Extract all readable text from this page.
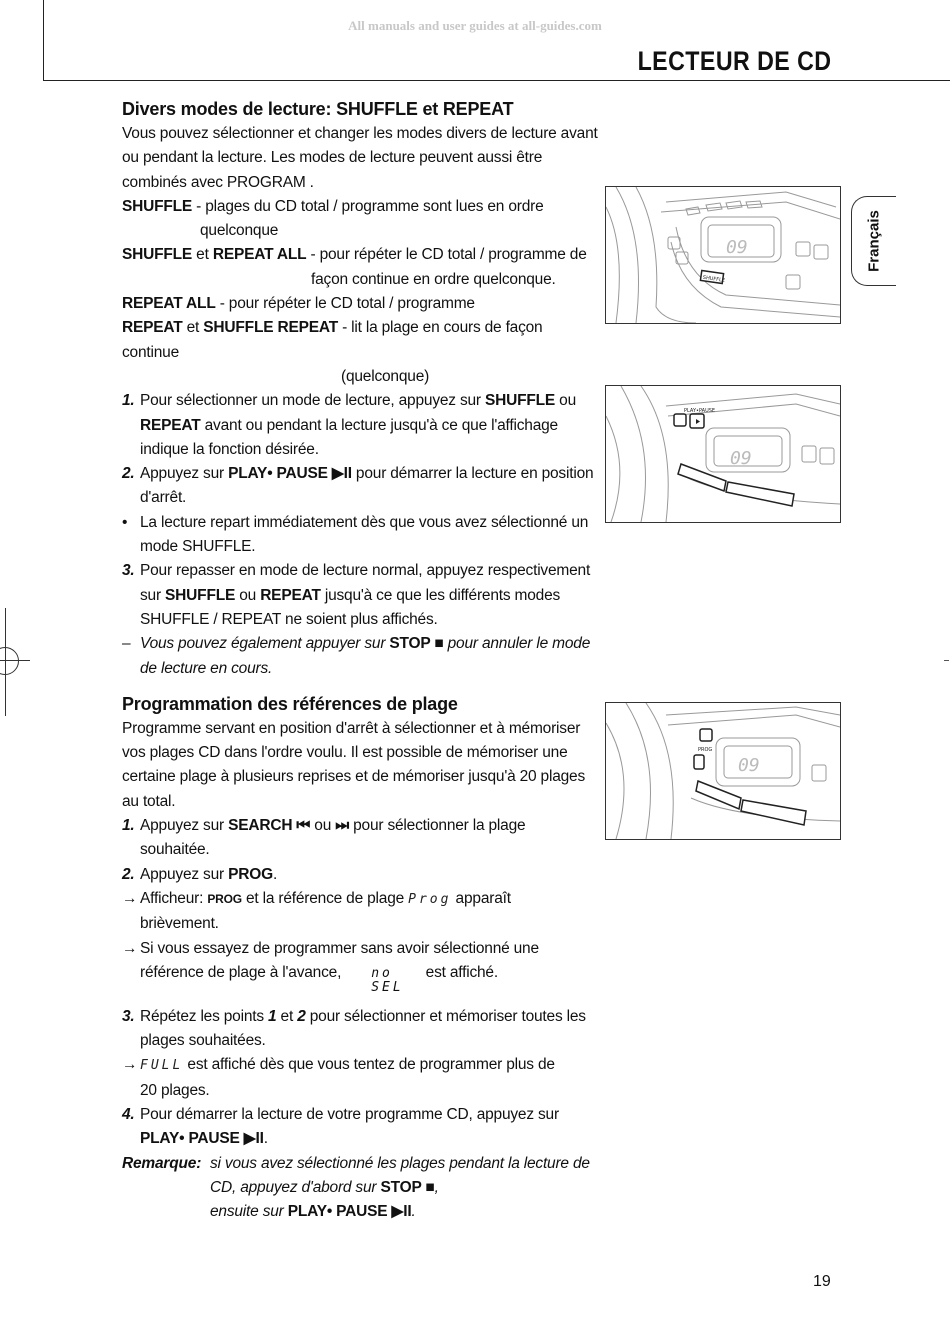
All manuals and user guides at all-guides.com
LECTEUR DE CD
Français
Divers modes de lecture: SHUFFLE et REPEAT

Vous pouvez sélectionner et changer les modes divers de lecture avant

ou pendant la lecture. Les modes de lecture peuvent aussi être

combinés avec PROGRAM .

SHUFFLE - plages du CD total / programme sont lues en ordre

quelconque

SHUFFLE et REPEAT ALL - pour répéter le CD total / programme de

façon continue en ordre quelconque.

REPEAT ALL - pour répéter le CD total / programme

REPEAT et SHUFFLE REPEAT - lit la plage en cours de façon continue

(quelconque)

1. Pour sélectionner un mode de lecture, appuyez sur SHUFFLE ou

REPEAT avant ou pendant la lecture jusqu'à ce que l'affichage

indique la fonction désirée.

2. Appuyez sur PLAY• PAUSE ▶II pour démarrer la lecture en position

d'arrêt.

• La lecture repart immédiatement dès que vous avez sélectionné un

mode SHUFFLE.

3. Pour repasser en mode de lecture normal, appuyez respectivement

sur SHUFFLE ou REPEAT jusqu'à ce que les différents modes

SHUFFLE / REPEAT ne soient plus affichés.

– Vous pouvez également appuyer sur STOP ■ pour annuler le mode

de lecture en cours.

Programmation des références de plage

Programme servant en position d'arrêt à sélectionner et à mémoriser

vos plages CD dans l'ordre voulu. Il est possible de mémoriser une

certaine plage à plusieurs reprises et de mémoriser jusqu'à 20 plages

au total.

1. Appuyez sur SEARCH ⏮ ou ⏭ pour sélectionner la plage

souhaitée.

2. Appuyez sur PROG.

→ Afficheur: PROG et la référence de plage Prog apparaît

brièvement.

→ Si vous essayez de programmer sans avoir sélectionné une

référence de plage à l'avance, no
SELest affiché.

3. Répétez les points 1 et 2 pour sélectionner et mémoriser toutes les

plages souhaitées.

→ FULL est affiché dès que vous tentez de programmer plus de

20 plages.

4. Pour démarrer la lecture de votre programme CD, appuyez sur

PLAY• PAUSE ▶II.

Remarque: si vous avez sélectionné les plages pendant la lecture de

CD, appuyez d'abord sur STOP ■,

ensuite sur PLAY• PAUSE ▶II.

09
SHUFFLE
09
PLAY•PAUSE
09
PROG
19
